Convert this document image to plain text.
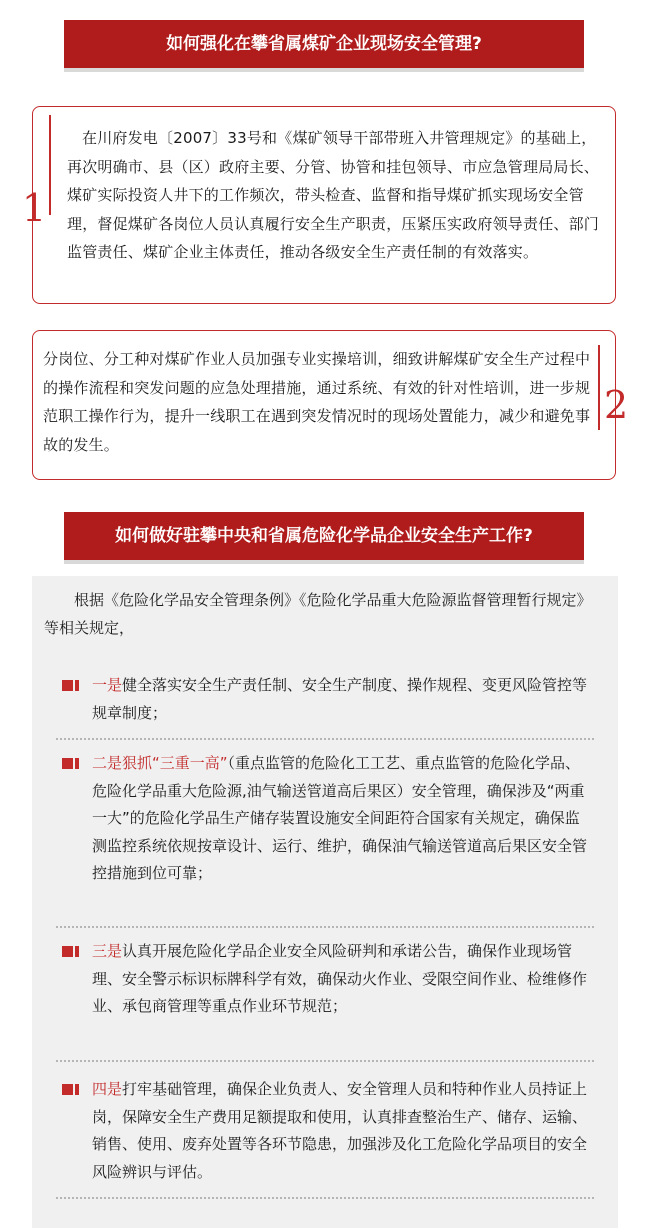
如何强化在攀省属煤矿企业现场安全管理?

在川府发电〔2007〕33号和《煤矿领导干部带班入井管理规定》的基础上，再次明确市、县（区）政府主要、分管、协管和挂包领导、市应急管理局局长、煤矿实际投资人井下的工作频次，带头检查、监督和指导煤矿抓实现场安全管理，督促煤矿各岗位人员认真履行安全生产职责，压紧压实政府领导责任、部门监管责任、煤矿企业主体责任，推动各级安全生产责任制的有效落实。

1

分岗位、分工种对煤矿作业人员加强专业实操培训，细致讲解煤矿安全生产过程中的操作流程和突发问题的应急处理措施，通过系统、有效的针对性培训，进一步规范职工操作行为，提升一线职工在遇到突发情况时的现场处置能力，减少和避免事故的发生。

2
如何做好驻攀中央和省属危险化学品企业安全生产工作?

根据《危险化学品安全管理条例》《危险化学品重大危险源监督管理暂行规定》等相关规定，

一是健全落实安全生产责任制、安全生产制度、操作规程、变更风险管控等规章制度；

二是狠抓“三重一高”（重点监管的危险化工工艺、重点监管的危险化学品、危险化学品重大危险源,油气输送管道高后果区）安全管理，确保涉及“两重一大”的危险化学品生产储存装置设施安全间距符合国家有关规定，确保监测监控系统依规按章设计、运行、维护，确保油气输送管道高后果区安全管控措施到位可靠；

三是认真开展危险化学品企业安全风险研判和承诺公告，确保作业现场管理、安全警示标识标牌科学有效，确保动火作业、受限空间作业、检维修作业、承包商管理等重点作业环节规范；

四是打牢基础管理，确保企业负责人、安全管理人员和特种作业人员持证上岗，保障安全生产费用足额提取和使用，认真排查整治生产、储存、运输、销售、使用、废弃处置等各环节隐患，加强涉及化工危险化学品项目的安全风险辨识与评估。
